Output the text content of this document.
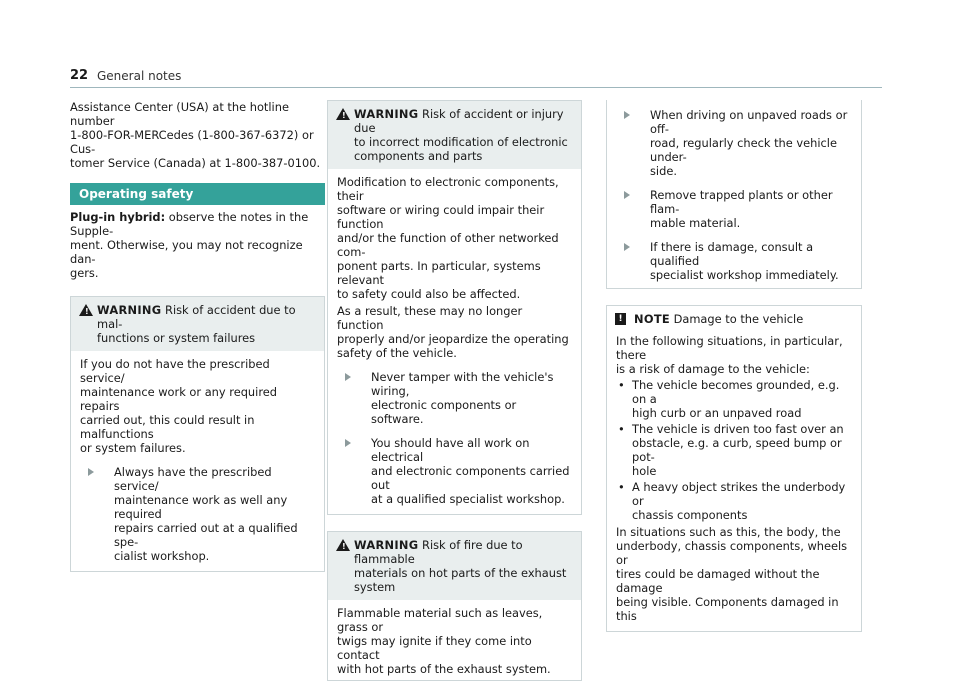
22 General notes

Assistance Center (USA) at the hotline number
1-800-FOR-MERCedes (1-800-367-6372) or Cus-
tomer Service (Canada) at 1-800-387-0100.

Operating safety

Plug-in hybrid: observe the notes in the Supple-
ment. Otherwise, you may not recognize dan-
gers.

! WARNING Risk of accident due to mal-
functions or system failures

If you do not have the prescribed service/
maintenance work or any required repairs
carried out, this could result in malfunctions
or system failures.

Always have the prescribed service/
maintenance work as well any required
repairs carried out at a qualified spe-
cialist workshop.
! WARNING Risk of accident or injury due
to incorrect modification of electronic
components and parts

Modification to electronic components, their
software or wiring could impair their function
and/or the function of other networked com-
ponent parts. In particular, systems relevant
to safety could also be affected.

As a result, these may no longer function
properly and/or jeopardize the operating
safety of the vehicle.

Never tamper with the vehicle's wiring,
electronic components or software.
You should have all work on electrical
and electronic components carried out
at a qualified specialist workshop.
! WARNING Risk of fire due to flammable
materials on hot parts of the exhaust
system

Flammable material such as leaves, grass or
twigs may ignite if they come into contact
with hot parts of the exhaust system.

When driving on unpaved roads or off-
road, regularly check the vehicle under-
side.
Remove trapped plants or other flam-
mable material.
If there is damage, consult a qualified
specialist workshop immediately.
!	NOTE Damage to the vehicle

In the following situations, in particular, there
is a risk of damage to the vehicle:

• The vehicle becomes grounded, e.g. on a
high curb or an unpaved road
• The vehicle is driven too fast over an
obstacle, e.g. a curb, speed bump or pot-
hole
• A heavy object strikes the underbody or
chassis components

In situations such as this, the body, the
underbody, chassis components, wheels or
tires could be damaged without the damage
being visible. Components damaged in this
